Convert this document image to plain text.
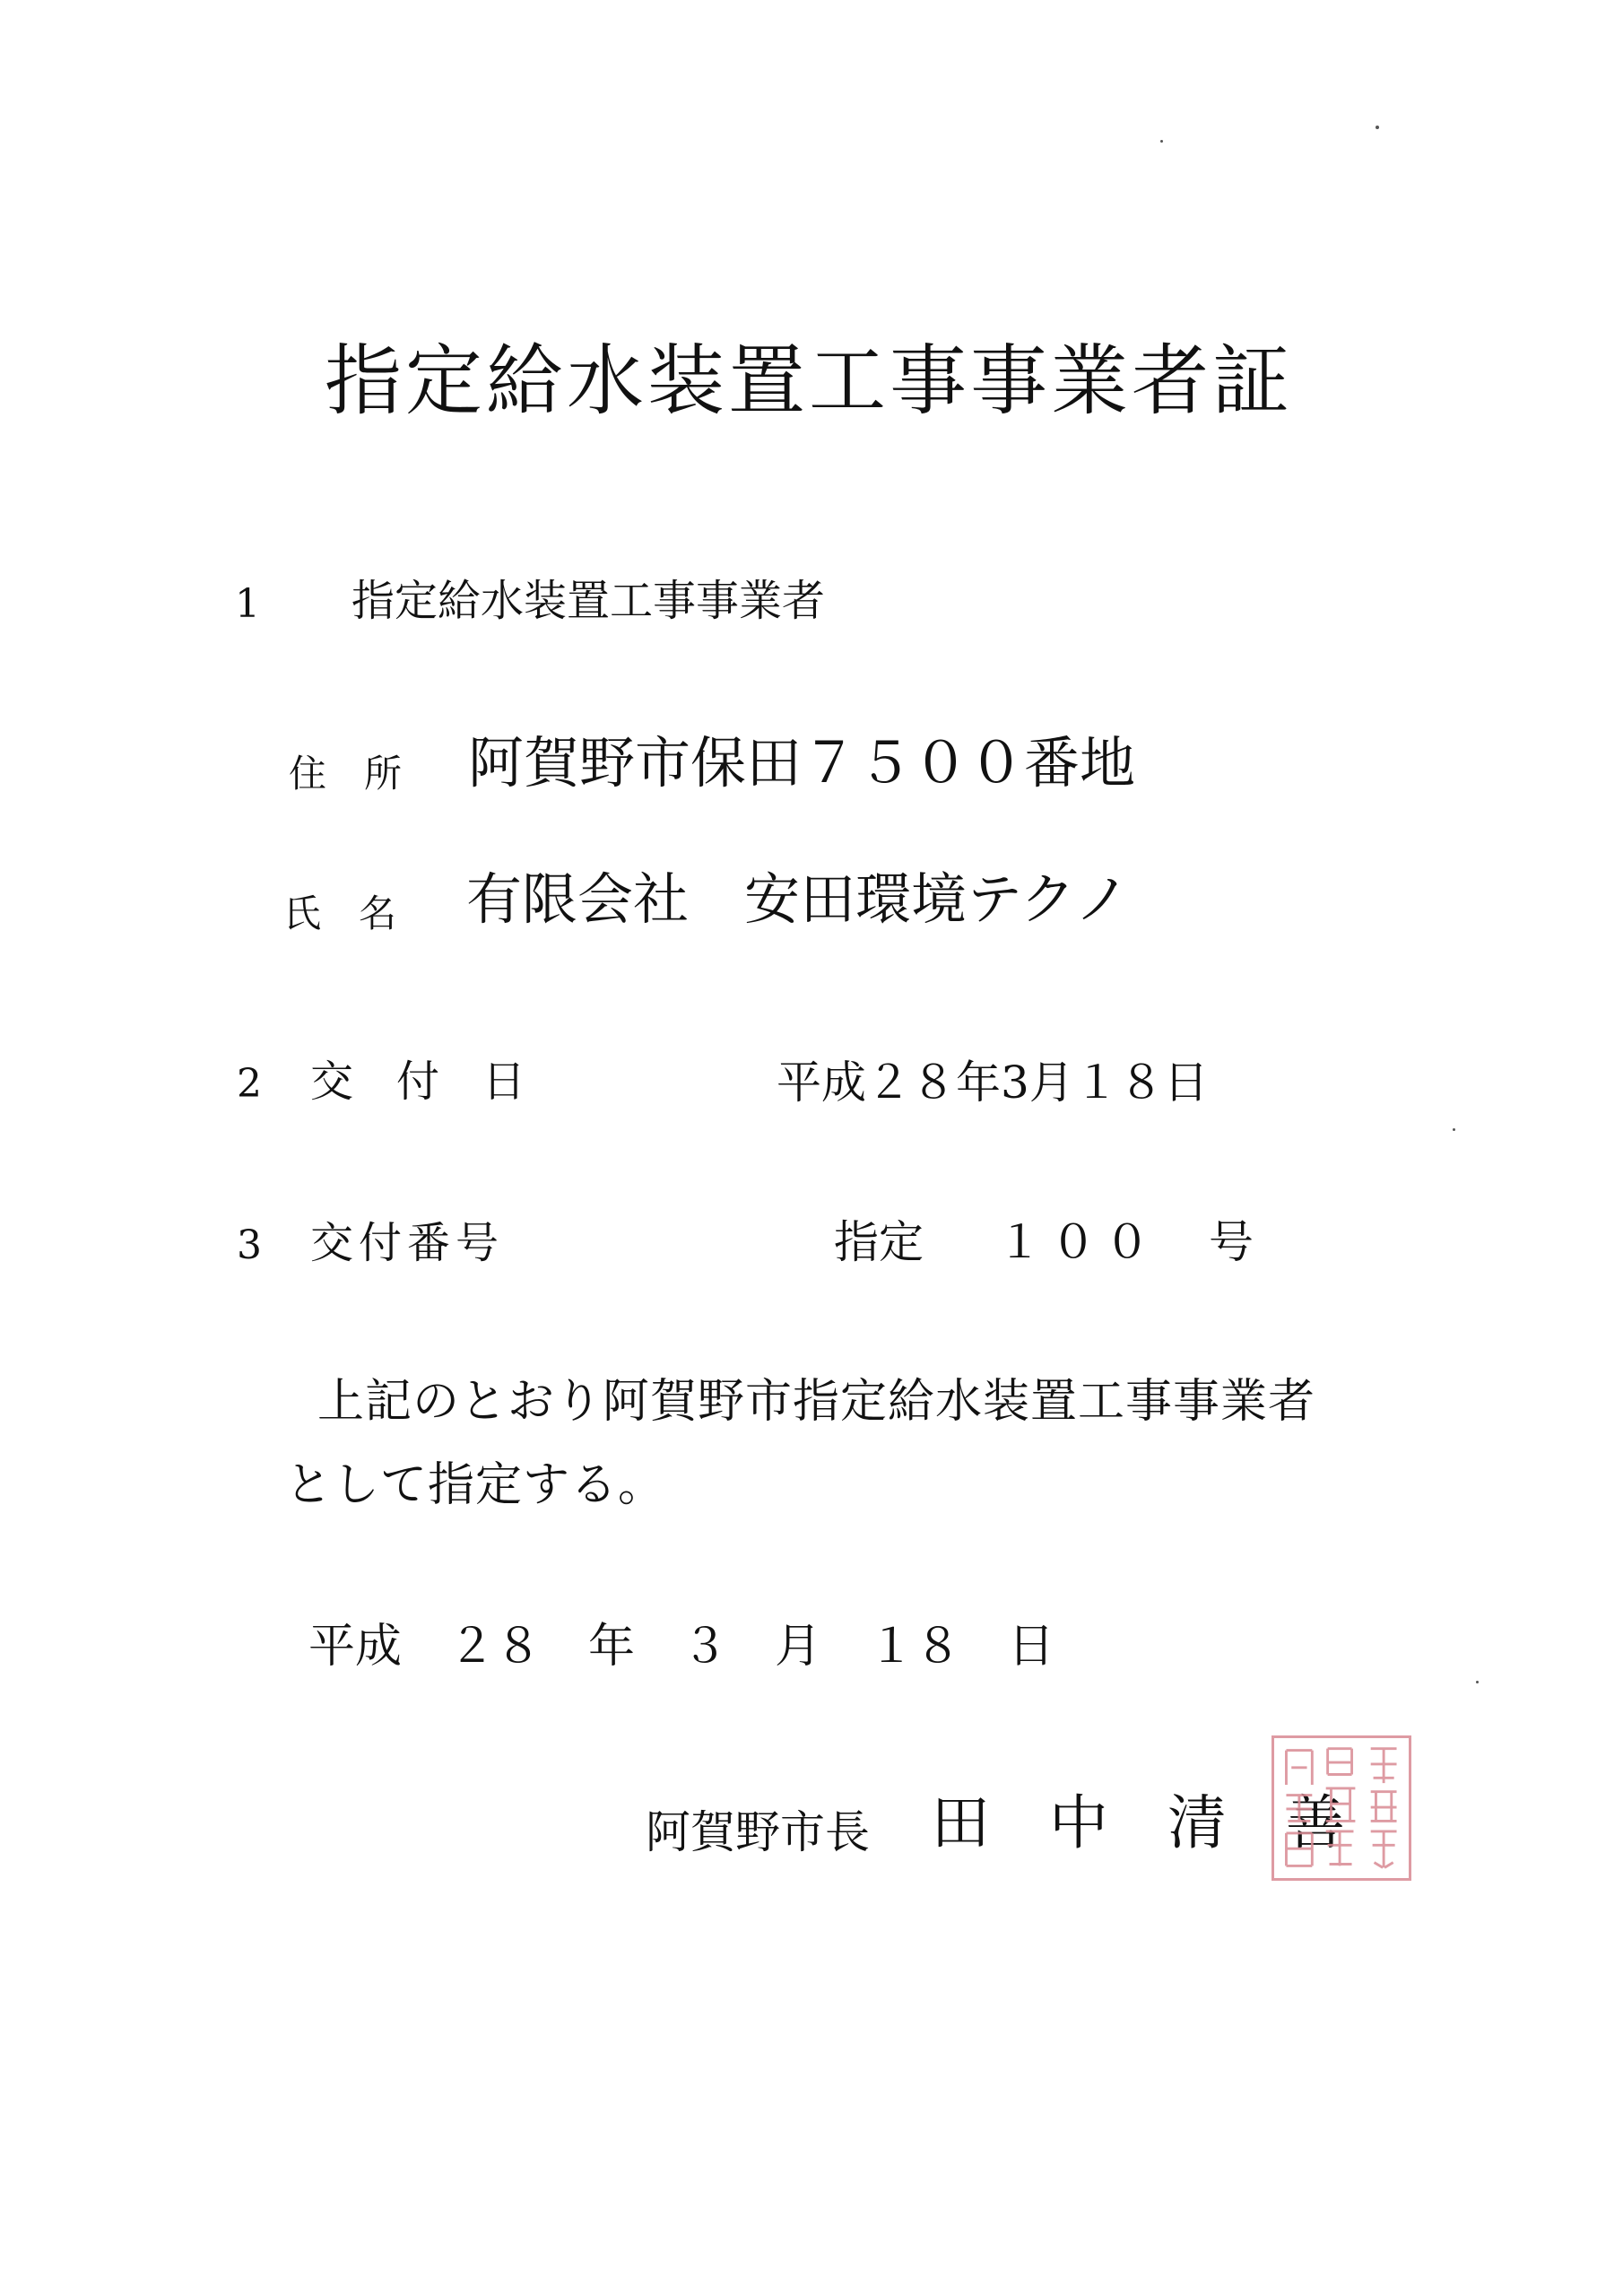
指定給水装置工事事業者証
1 指定給水装置工事事業者
住　所 阿賀野市保田７５００番地
氏　名 有限会社　安田環境テクノ
2 交　付　日	平成２８年3月１８日
3 交付番号	指定 １００ 号
上記のとおり阿賀野市指定給水装置工事事業者
として指定する。
平成　２８　年　３　月　１８　日
阿賀野市長 田　中　清　善
